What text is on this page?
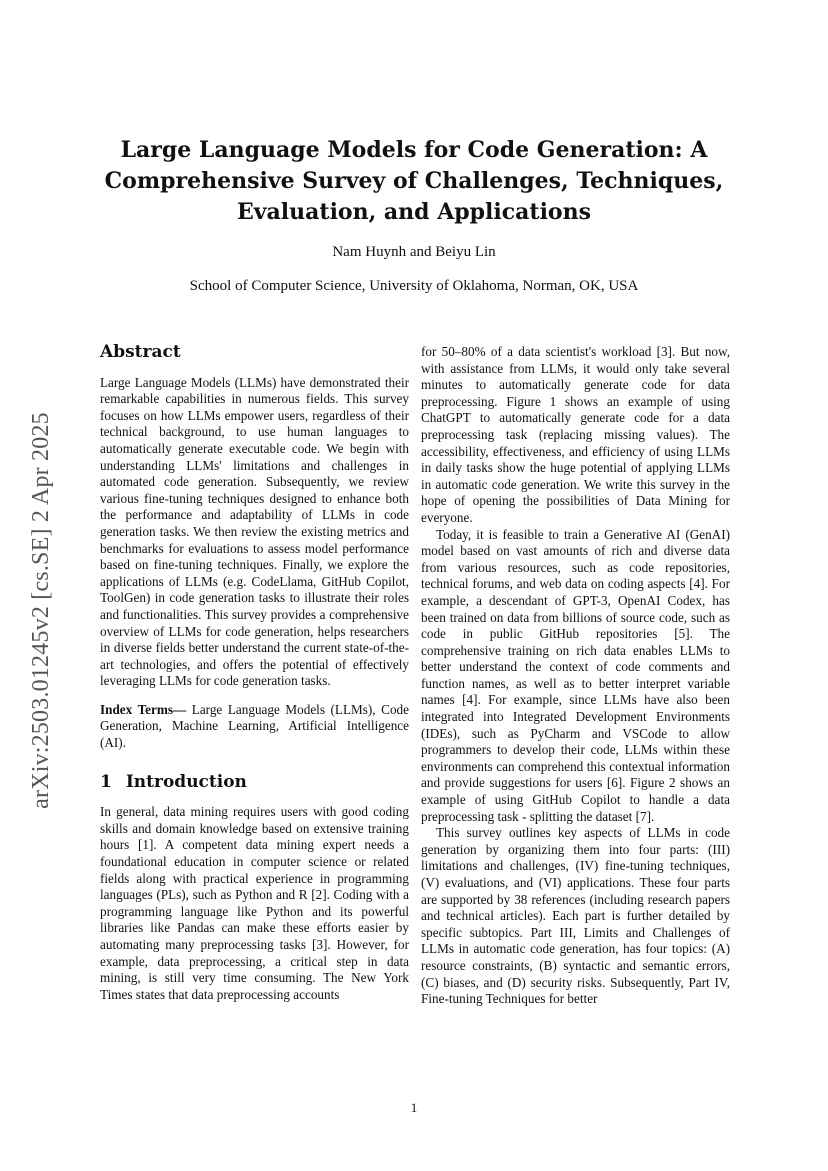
arXiv:2503.01245v2 [cs.SE] 2 Apr 2025
Large Language Models for Code Generation: A
Comprehensive Survey of Challenges, Techniques,
Evaluation, and Applications
Nam Huynh and Beiyu Lin
School of Computer Science, University of Oklahoma, Norman, OK, USA
Abstract

Large Language Models (LLMs) have demonstrated their remarkable capabilities in numerous fields. This survey focuses on how LLMs empower users, regardless of their technical background, to use human languages to automatically generate executable code. We begin with understanding LLMs' limitations and challenges in automated code generation. Subsequently, we review various fine-tuning techniques designed to enhance both the performance and adaptability of LLMs in code generation tasks. We then review the existing metrics and benchmarks for evaluations to assess model performance based on fine-tuning techniques. Finally, we explore the applications of LLMs (e.g. CodeLlama, GitHub Copilot, ToolGen) in code generation tasks to illustrate their roles and functionalities. This survey provides a comprehensive overview of LLMs for code generation, helps researchers in diverse fields better understand the current state-of-the-art technologies, and offers the potential of effectively leveraging LLMs for code generation tasks.

Index Terms— Large Language Models (LLMs), Code Generation, Machine Learning, Artificial Intelligence (AI).

1 Introduction

In general, data mining requires users with good coding skills and domain knowledge based on extensive training hours [1]. A competent data mining expert needs a foundational education in computer science or related fields along with practical experience in programming languages (PLs), such as Python and R [2]. Coding with a programming language like Python and its powerful libraries like Pandas can make these efforts easier by automating many preprocessing tasks [3]. However, for example, data preprocessing, a critical step in data mining, is still very time consuming. The New York Times states that data preprocessing accounts

for 50–80% of a data scientist's workload [3]. But now, with assistance from LLMs, it would only take several minutes to automatically generate code for data preprocessing. Figure 1 shows an example of using ChatGPT to automatically generate code for a data preprocessing task (replacing missing values). The accessibility, effectiveness, and efficiency of using LLMs in daily tasks show the huge potential of applying LLMs in automatic code generation. We write this survey in the hope of opening the possibilities of Data Mining for everyone.

Today, it is feasible to train a Generative AI (GenAI) model based on vast amounts of rich and diverse data from various resources, such as code repositories, technical forums, and web data on coding aspects [4]. For example, a descendant of GPT-3, OpenAI Codex, has been trained on data from billions of source code, such as code in public GitHub repositories [5]. The comprehensive training on rich data enables LLMs to better understand the context of code comments and function names, as well as to better interpret variable names [4]. For example, since LLMs have also been integrated into Integrated Development Environments (IDEs), such as PyCharm and VSCode to allow programmers to develop their code, LLMs within these environments can comprehend this contextual information and provide suggestions for users [6]. Figure 2 shows an example of using GitHub Copilot to handle a data preprocessing task - splitting the dataset [7].

This survey outlines key aspects of LLMs in code generation by organizing them into four parts: (III) limitations and challenges, (IV) fine-tuning techniques, (V) evaluations, and (VI) applications. These four parts are supported by 38 references (including research papers and technical articles). Each part is further detailed by specific subtopics. Part III, Limits and Challenges of LLMs in automatic code generation, has four topics: (A) resource constraints, (B) syntactic and semantic errors, (C) biases, and (D) security risks. Subsequently, Part IV, Fine-tuning Techniques for better

1
